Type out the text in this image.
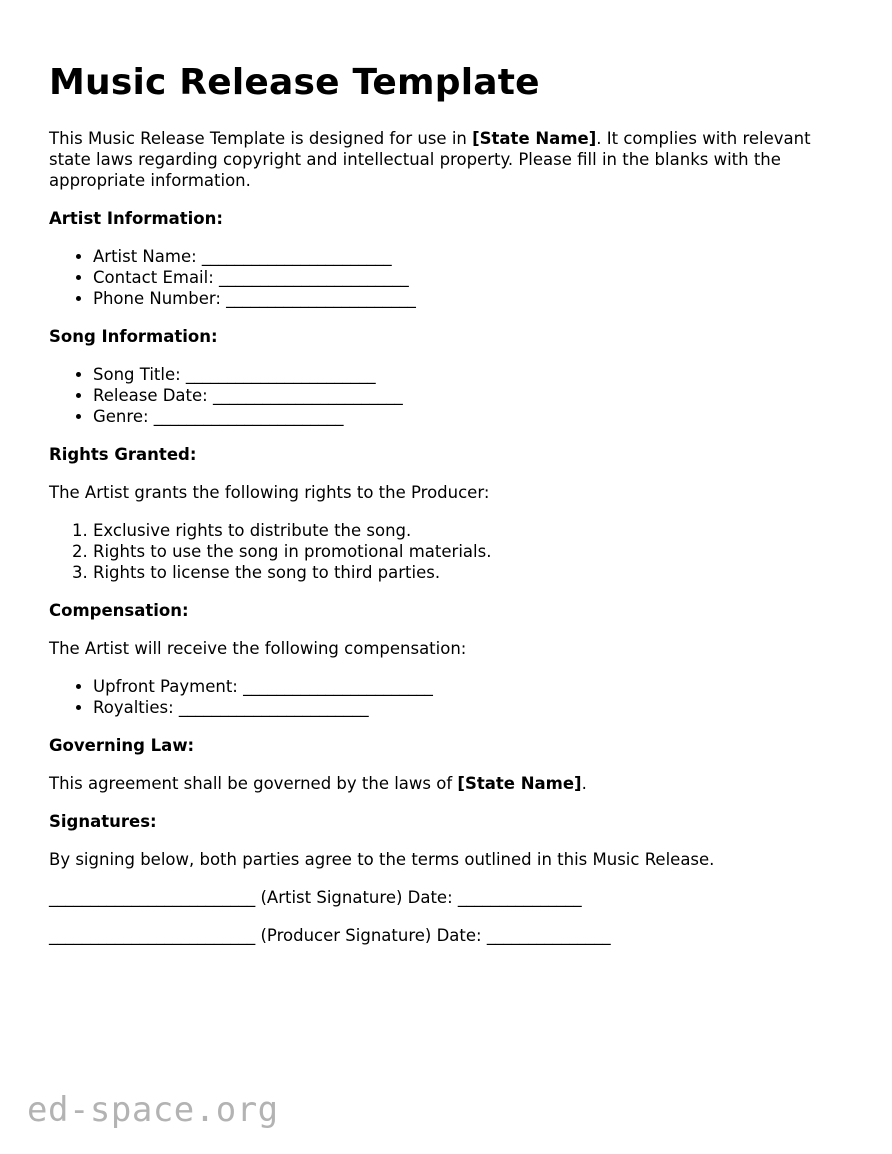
Music Release Template

This Music Release Template is designed for use in [State Name]. It complies with relevant state laws regarding copyright and intellectual property. Please fill in the blanks with the appropriate information.

Artist Information:
• Artist Name: _______________________
• Contact Email: _______________________
• Phone Number: _______________________
Song Information:
• Song Title: _______________________
• Release Date: _______________________
• Genre: _______________________
Rights Granted:

The Artist grants the following rights to the Producer:

1. Exclusive rights to distribute the song.
2. Rights to use the song in promotional materials.
3. Rights to license the song to third parties.
Compensation:

The Artist will receive the following compensation:

• Upfront Payment: _______________________
• Royalties: _______________________
Governing Law:

This agreement shall be governed by the laws of [State Name].

Signatures:

By signing below, both parties agree to the terms outlined in this Music Release.

_________________________ (Artist Signature) Date: _______________
_________________________ (Producer Signature) Date: _______________
ed-space.org
